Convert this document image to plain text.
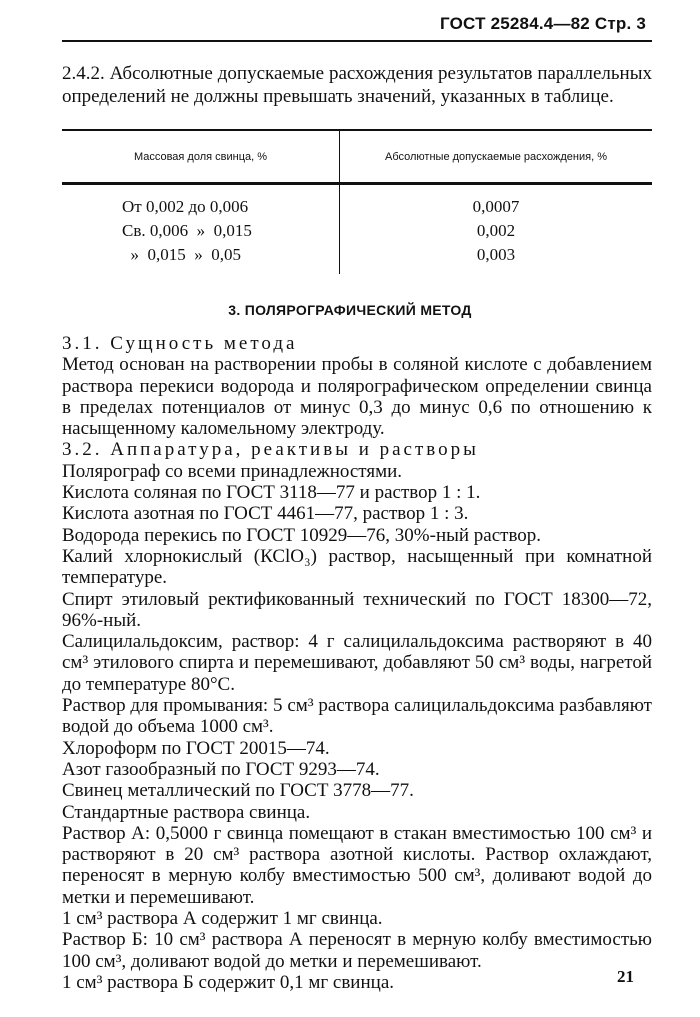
ГОСТ 25284.4—82 Стр. 3

2.4.2. Абсолютные допускаемые расхождения результатов параллельных определений не должны превышать значений, указанных в таблице.

Массовая доля свинца, %	Абсолютные допускаемые расхождения, %
От 0,002 до 0,006	0,0007
Св. 0,006  »  0,015	0,002
»  0,015  »  0,05	0,003
3. ПОЛЯРОГРАФИЧЕСКИЙ МЕТОД

3.1. Сущность метода

Метод основан на растворении пробы в соляной кислоте с добавлением раствора перекиси водорода и полярографическом определении свинца в пределах потенциалов от минус 0,3 до минус 0,6 по отношению к насыщенному каломельному электроду.

3.2. Аппаратура, реактивы и растворы

Полярограф со всеми принадлежностями.

Кислота соляная по ГОСТ 3118—77 и раствор 1 : 1.

Кислота азотная по ГОСТ 4461—77, раствор 1 : 3.

Водорода перекись по ГОСТ 10929—76, 30%-ный раствор.

Калий хлорнокислый (КСlО₃) раствор, насыщенный при комнатной температуре.

Спирт этиловый ректификованный технический по ГОСТ 18300—72, 96%-ный.

Салицилальдоксим, раствор: 4 г салицилальдоксима растворяют в 40 см³ этилового спирта и перемешивают, добавляют 50 см³ воды, нагретой до температуре 80°С.

Раствор для промывания: 5 см³ раствора салицилальдоксима разбавляют водой до объема 1000 см³.

Хлороформ по ГОСТ 20015—74.

Азот газообразный по ГОСТ 9293—74.

Свинец металлический по ГОСТ 3778—77.

Стандартные раствора свинца.

Раствор А: 0,5000 г свинца помещают в стакан вместимостью 100 см³ и растворяют в 20 см³ раствора азотной кислоты. Раствор охлаждают, переносят в мерную колбу вместимостью 500 см³, доливают водой до метки и перемешивают.

1 см³ раствора А содержит 1 мг свинца.

Раствор Б: 10 см³ раствора А переносят в мерную колбу вместимостью 100 см³, доливают водой до метки и перемешивают.

1 см³ раствора Б содержит 0,1 мг свинца.	21
